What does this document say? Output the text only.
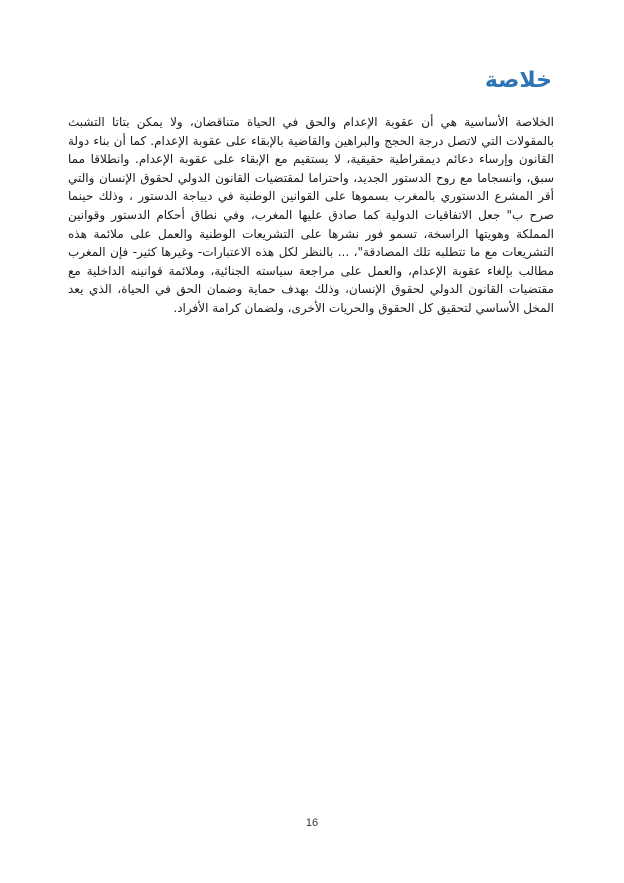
خلاصة

الخلاصة الأساسية هي أن عقوبة الإعدام والحق في الحياة متناقضان، ولا يمكن بتاتا التشبث بالمقولات التي لاتصل درجة الحجج والبراهين والقاضية بالإبقاء على عقوبة الإعدام. كما أن بناء دولة القانون وإرساء دعائم ديمقراطية حقيقية، لا يستقيم مع الإبقاء على عقوبة الإعدام. وانطلاقا مما سبق، وانسجاما مع روح الدستور الجديد، واحتراما لمقتضيات القانون الدولي لحقوق الإنسان والتي أقر المشرع الدستوري بالمغرب بسموها على القوانين الوطنية في ديباجة الدستور ، وذلك حينما صرح ب" جعل الاتفاقيات الدولية كما صادق عليها المغرب، وفي نطاق أحكام الدستور وقوانين المملكة وهويتها الراسخة، تسمو فور نشرها على التشريعات الوطنية والعمل على ملائمة هذه التشريعات مع ما تتطلبه تلك المصادقة"، ... بالنظر لكل هذه الاعتبارات- وغيرها كثير- فإن المغرب مطالب بإلغاء عقوبة الإعدام، والعمل على مراجعة سياسته الجنائية، وملائمة قوانينه الداخلية مع مقتضيات القانون الدولي لحقوق الإنسان، وذلك بهدف حماية وضمان الحق في الحياة، الذي يعد المخل الأساسي لتحقيق كل الحقوق والحريات الأخرى، ولضمان كرامة الأفراد.

16
